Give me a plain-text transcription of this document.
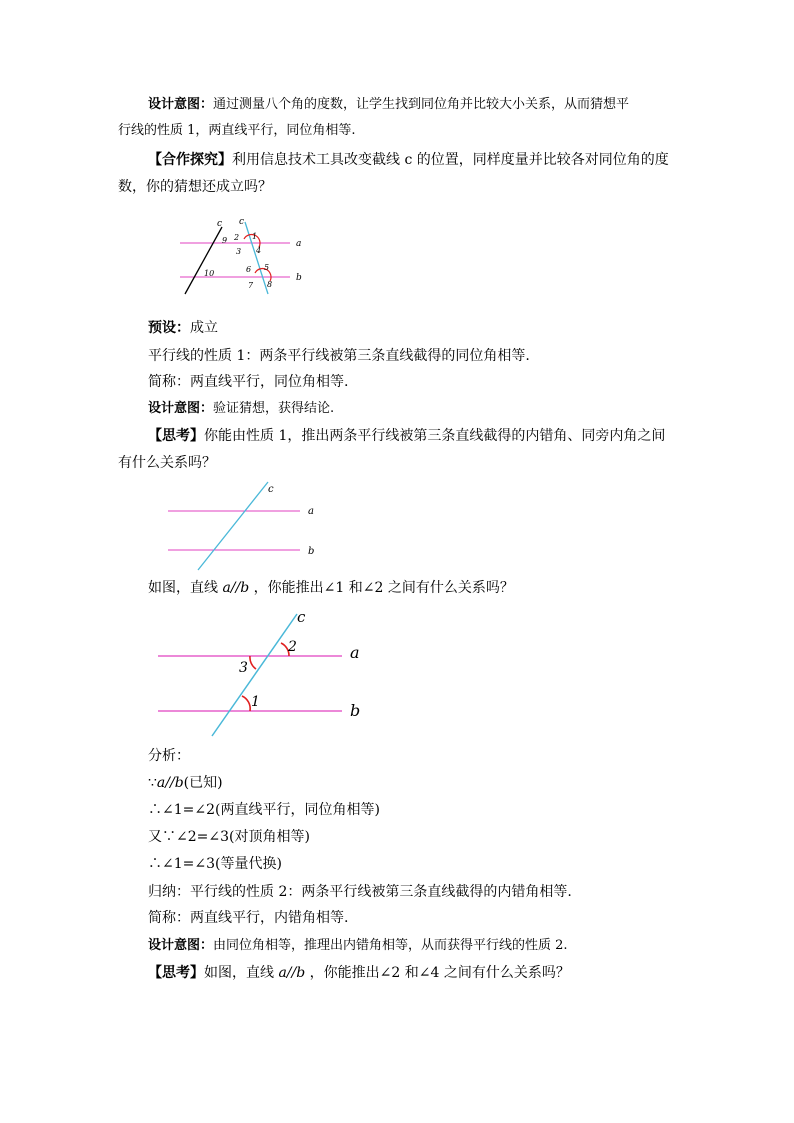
设计意图：通过测量八个角的度数，让学生找到同位角并比较大小关系，从而猜想平
行线的性质 1，两直线平行，同位角相等.
【合作探究】利用信息技术工具改变截线 c 的位置，同样度量并比较各对同位角的度
数，你的猜想还成立吗？
c c
2 1
9
3 4
a
6 5
10
7 8
b
预设：成立
平行线的性质 1：两条平行线被第三条直线截得的同位角相等.
简称：两直线平行，同位角相等.
设计意图：验证猜想，获得结论.
【思考】你能由性质 1，推出两条平行线被第三条直线截得的内错角、同旁内角之间
有什么关系吗？
c
a
b
如图，直线 a//b ，你能推出∠1 和∠2 之间有什么关系吗？
c
2	a
3
1	b
分析：
∵a//b(已知)
∴∠1=∠2(两直线平行，同位角相等)
又∵∠2=∠3(对顶角相等)
∴∠1=∠3(等量代换)
归纳：平行线的性质 2：两条平行线被第三条直线截得的内错角相等.
简称：两直线平行，内错角相等.
设计意图：由同位角相等，推理出内错角相等，从而获得平行线的性质 2.
【思考】如图，直线 a//b ，你能推出∠2 和∠4 之间有什么关系吗？
